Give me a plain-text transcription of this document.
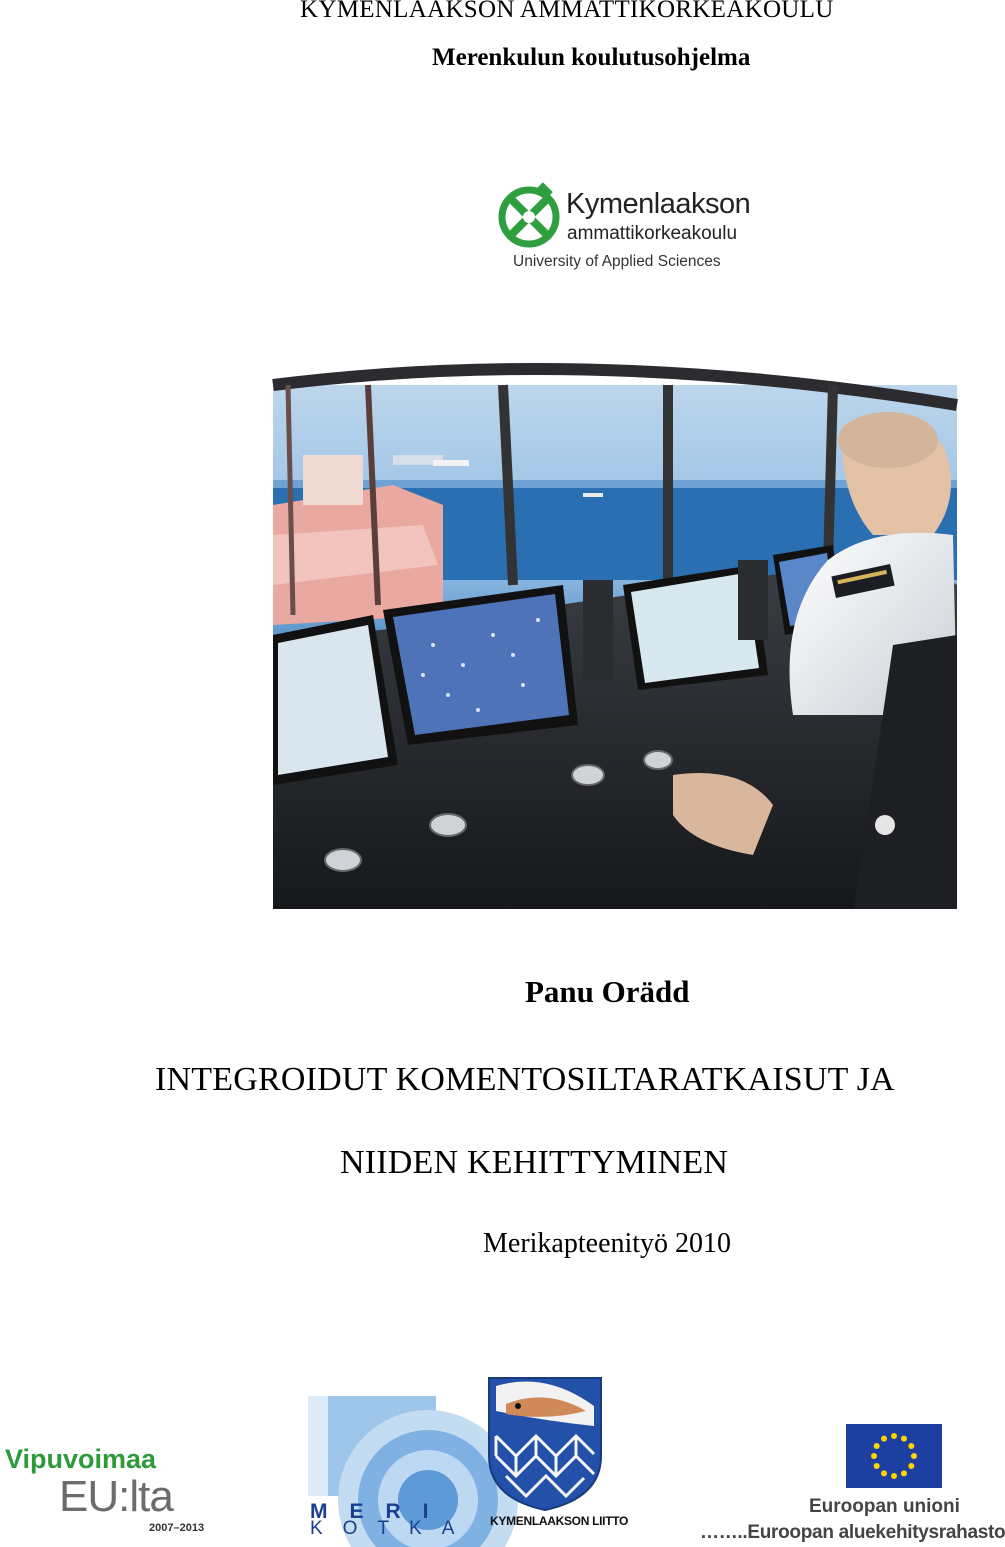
KYMENLAAKSON AMMATTIKORKEAKOULU
Merenkulun koulutusohjelma
Kymenlaakson
ammattikorkeakoulu
University of Applied Sciences
Panu Orädd
INTEGROIDUT KOMENTOSILTARATKAISUT JA
NIIDEN KEHITTYMINEN
Merikapteenityö 2010
Vipuvoimaa
EU:lta
2007–2013
MERI
KOTKA KYMENLAAKSON LIITTO
Euroopan unioni
……..Euroopan aluekehitysrahasto
